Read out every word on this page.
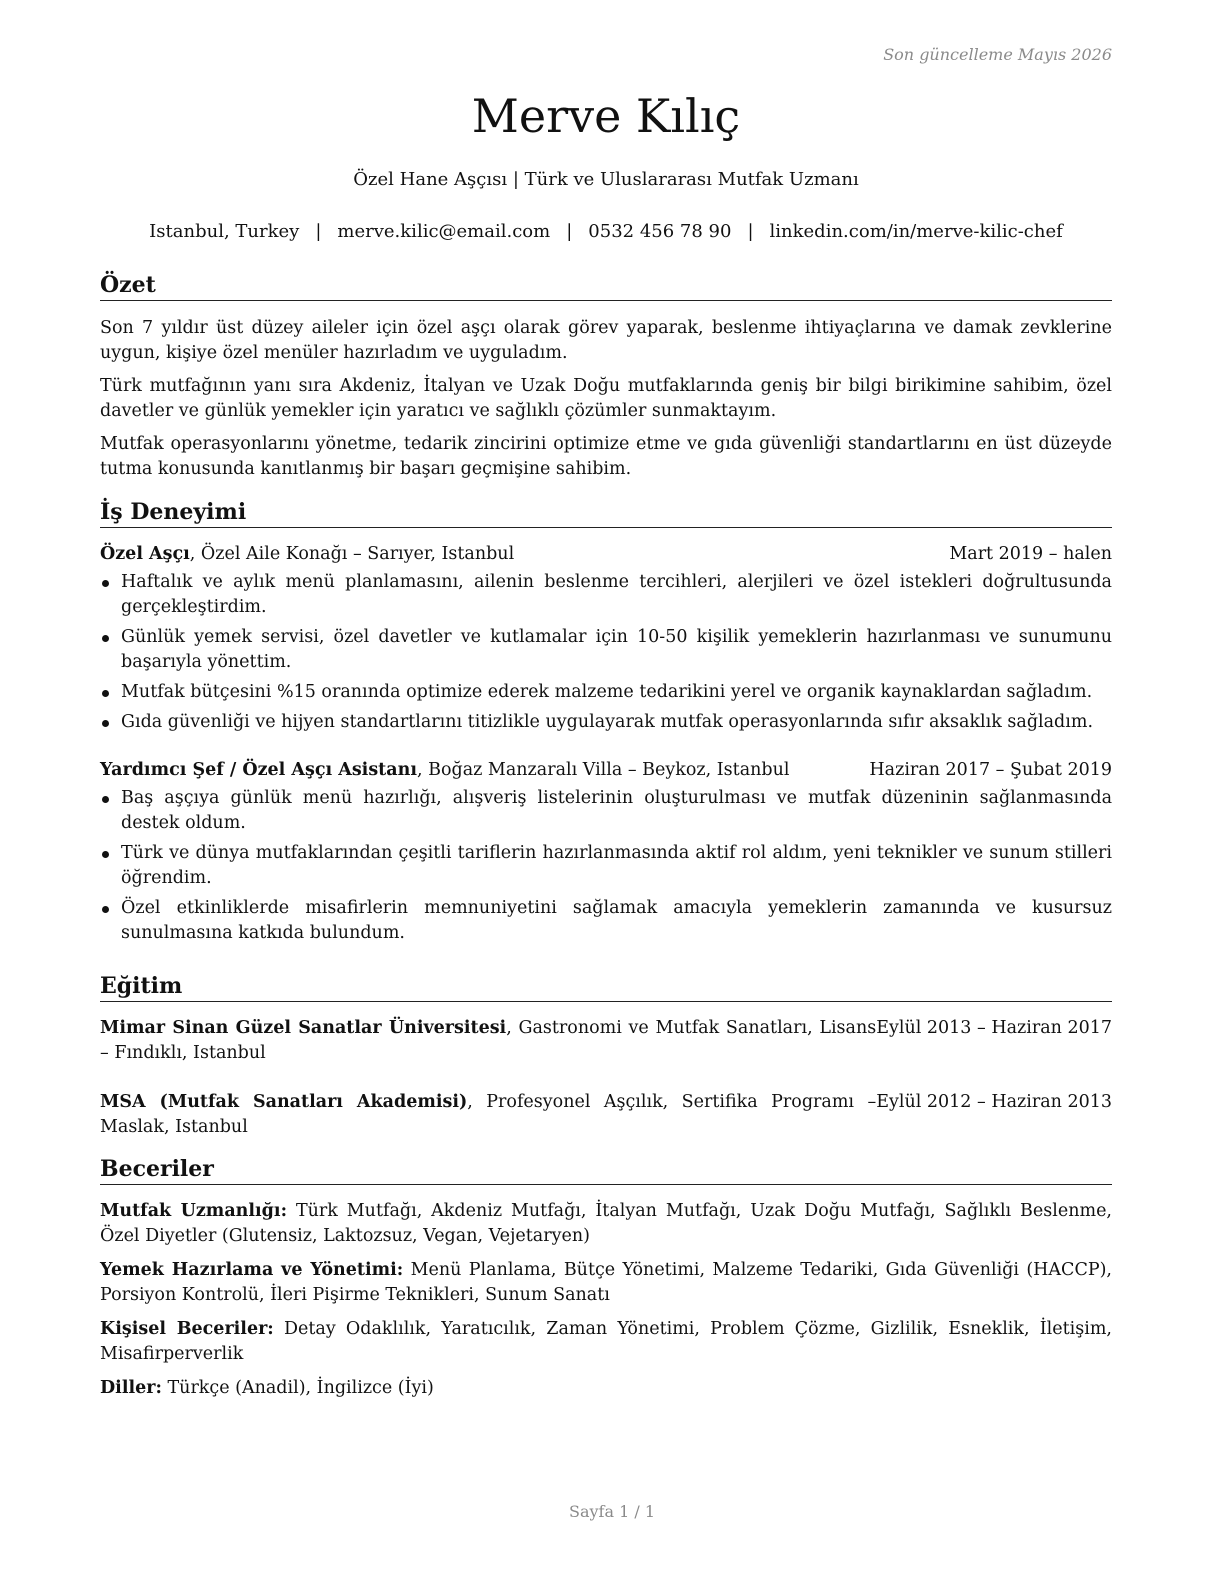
Son güncelleme Mayıs 2026
Merve Kılıç
Özel Hane Aşçısı | Türk ve Uluslararası Mutfak Uzmanı
Istanbul, Turkey | merve.kilic@email.com | 0532 456 78 90 | linkedin.com/in/merve-kilic-chef
Özet

Son 7 yıldır üst düzey aileler için özel aşçı olarak görev yaparak, beslenme ihtiyaçlarına ve damak zevklerine uygun, kişiye özel menüler hazırladım ve uyguladım.

Türk mutfağının yanı sıra Akdeniz, İtalyan ve Uzak Doğu mutfaklarında geniş bir bilgi birikimine sahibim, özel davetler ve günlük yemekler için yaratıcı ve sağlıklı çözümler sunmaktayım.

Mutfak operasyonlarını yönetme, tedarik zincirini optimize etme ve gıda güvenliği standartlarını en üst düzeyde tutma konusunda kanıtlanmış bir başarı geçmişine sahibim.

İş Deneyimi
Özel Aşçı, Özel Aile Konağı – Sarıyer, Istanbul	Mart 2019 – halen
Haftalık ve aylık menü planlamasını, ailenin beslenme tercihleri, alerjileri ve özel istekleri doğrultusunda gerçekleştirdim.
Günlük yemek servisi, özel davetler ve kutlamalar için 10-50 kişilik yemeklerin hazırlanması ve sunumunu başarıyla yönettim.
Mutfak bütçesini %15 oranında optimize ederek malzeme tedarikini yerel ve organik kaynaklardan sağladım.
Gıda güvenliği ve hijyen standartlarını titizlikle uygulayarak mutfak operasyonlarında sıfır aksaklık sağladım.
Yardımcı Şef / Özel Aşçı Asistanı, Boğaz Manzaralı Villa – Beykoz, Istanbul	Haziran 2017 – Şubat 2019
Baş aşçıya günlük menü hazırlığı, alışveriş listelerinin oluşturulması ve mutfak düzeninin sağlanmasında destek oldum.
Türk ve dünya mutfaklarından çeşitli tariflerin hazırlanmasında aktif rol aldım, yeni teknikler ve sunum stilleri öğrendim.
Özel etkinliklerde misafirlerin memnuniyetini sağlamak amacıyla yemeklerin zamanında ve kusursuz sunulmasına katkıda bulundum.
Eğitim
Mimar Sinan Güzel Sanatlar Üniversitesi, Gastronomi ve Mutfak Sanatları, Lisans – Fındıklı, Istanbul
Eylül 2013 – Haziran 2017
MSA (Mutfak Sanatları Akademisi), Profesyonel Aşçılık, Sertifika Programı – Maslak, Istanbul
Eylül 2012 – Haziran 2013
Beceriler
Mutfak Uzmanlığı: Türk Mutfağı, Akdeniz Mutfağı, İtalyan Mutfağı, Uzak Doğu Mutfağı, Sağlıklı Beslenme, Özel Diyetler (Glutensiz, Laktozsuz, Vegan, Vejetaryen)
Yemek Hazırlama ve Yönetimi: Menü Planlama, Bütçe Yönetimi, Malzeme Tedariki, Gıda Güvenliği (HACCP), Porsiyon Kontrolü, İleri Pişirme Teknikleri, Sunum Sanatı
Kişisel Beceriler: Detay Odaklılık, Yaratıcılık, Zaman Yönetimi, Problem Çözme, Gizlilik, Esneklik, İletişim, Misafirperverlik
Diller: Türkçe (Anadil), İngilizce (İyi)
Sayfa 1 / 1
